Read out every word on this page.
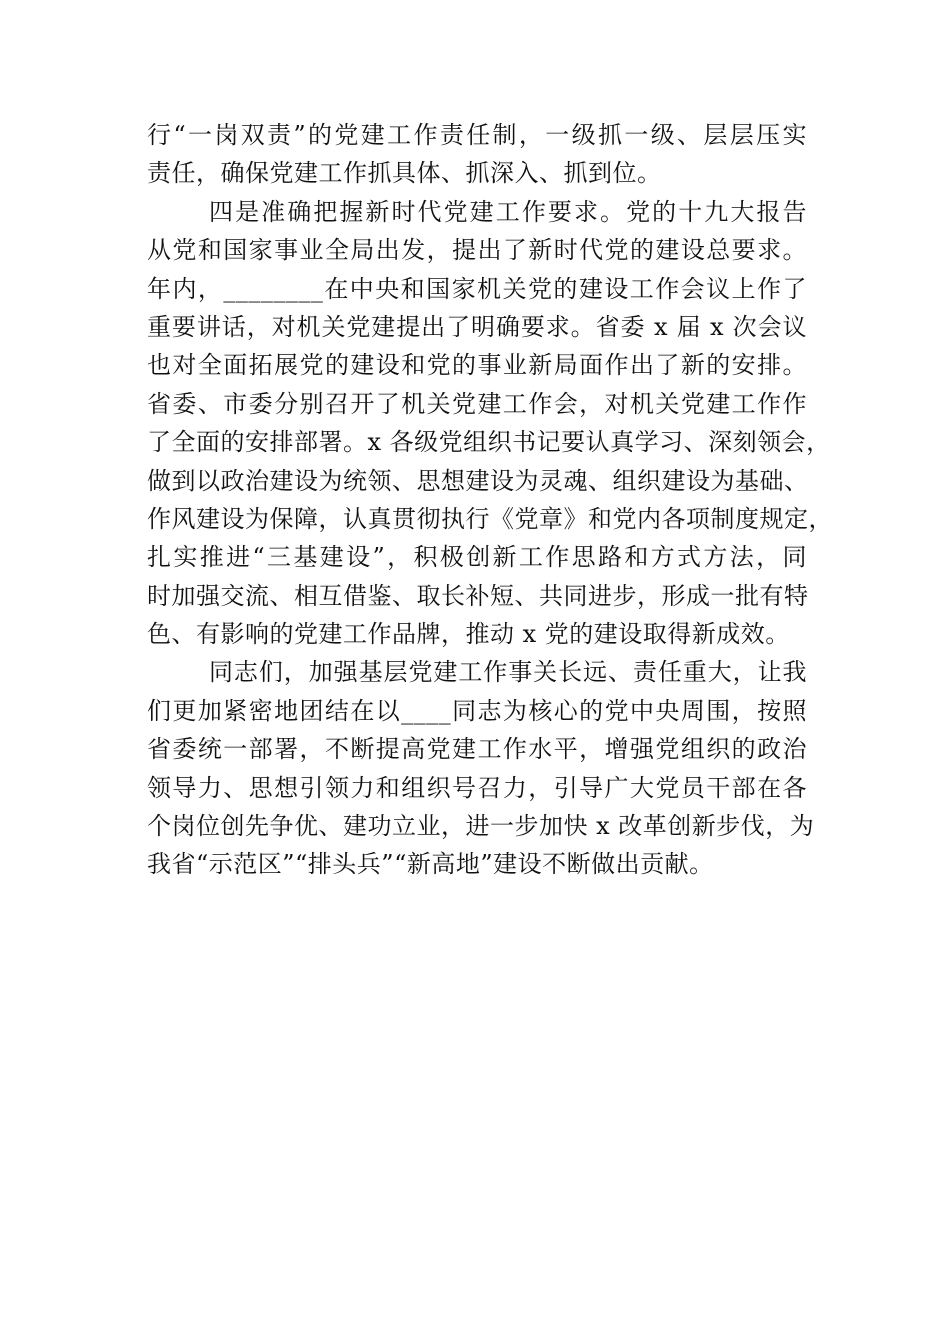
行“一岗双责”的党建工作责任制，一级抓一级、层层压实
责任，确保党建工作抓具体、抓深入、抓到位。
四是准确把握新时代党建工作要求。党的十九大报告
从党和国家事业全局出发，提出了新时代党的建设总要求。
年内，________在中央和国家机关党的建设工作会议上作了
重要讲话，对机关党建提出了明确要求。省委 x 届 x 次会议
也对全面拓展党的建设和党的事业新局面作出了新的安排。
省委、市委分别召开了机关党建工作会，对机关党建工作作
了全面的安排部署。x 各级党组织书记要认真学习、深刻领会，
做到以政治建设为统领、思想建设为灵魂、组织建设为基础、
作风建设为保障，认真贯彻执行《党章》和党内各项制度规定，
扎实推进“三基建设”，积极创新工作思路和方式方法，同
时加强交流、相互借鉴、取长补短、共同进步，形成一批有特
色、有影响的党建工作品牌，推动 x 党的建设取得新成效。
同志们，加强基层党建工作事关长远、责任重大，让我
们更加紧密地团结在以____同志为核心的党中央周围，按照
省委统一部署，不断提高党建工作水平，增强党组织的政治
领导力、思想引领力和组织号召力，引导广大党员干部在各
个岗位创先争优、建功立业，进一步加快 x 改革创新步伐，为
我省“示范区”“排头兵”“新高地”建设不断做出贡献。
